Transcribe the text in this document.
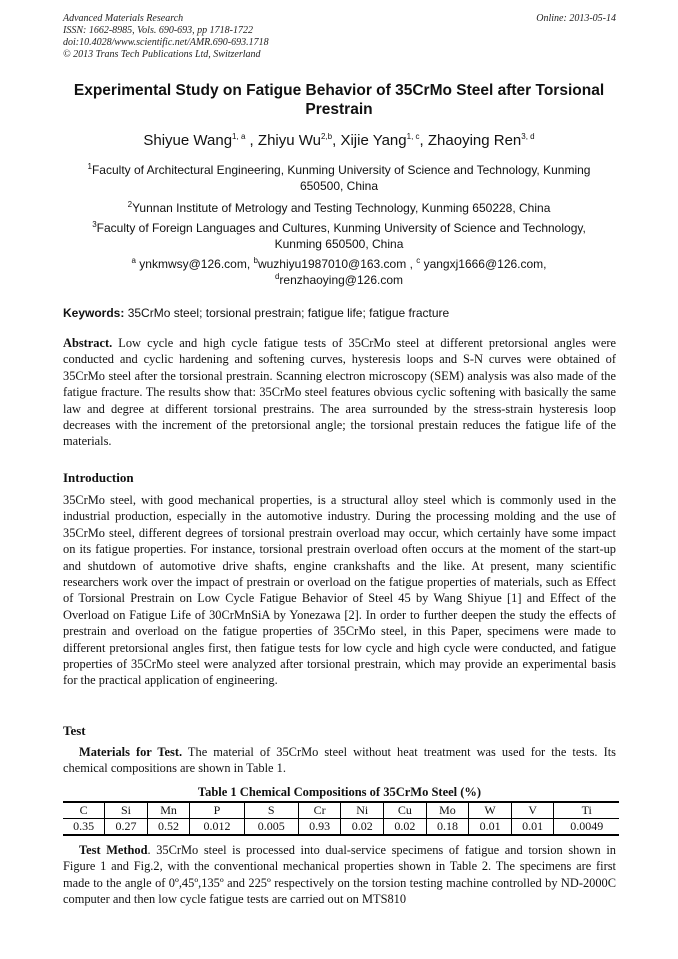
Advanced Materials Research
ISSN: 1662-8985, Vols. 690-693, pp 1718-1722
doi:10.4028/www.scientific.net/AMR.690-693.1718
© 2013 Trans Tech Publications Ltd, Switzerland
Online: 2013-05-14
Experimental Study on Fatigue Behavior of 35CrMo Steel after Torsional Prestrain
Shiyue Wang$^{1, a}$ , Zhiyu Wu$^{2,b}$, Xijie Yang$^{1, c}$, Zhaoying Ren$^{3, d}$
$^1$Faculty of Architectural Engineering, Kunming University of Science and Technology, Kunming 650500, China
$^2$Yunnan Institute of Metrology and Testing Technology, Kunming 650228, China
$^3$Faculty of Foreign Languages and Cultures, Kunming University of Science and Technology, Kunming 650500, China
$^a$ ynkmwsy@126.com, $^b$wuzhiyu1987010@163.com , $^c$ yangxj1666@126.com,
$^d$renzhaoying@126.com
Keywords: 35CrMo steel; torsional prestrain; fatigue life; fatigue fracture
Abstract. Low cycle and high cycle fatigue tests of 35CrMo steel at different pretorsional angles were conducted and cyclic hardening and softening curves, hysteresis loops and S-N curves were obtained of 35CrMo steel after the torsional prestrain. Scanning electron microscopy (SEM) analysis was also made of the fatigue fracture. The results show that: 35CrMo steel features obvious cyclic softening with basically the same law and degree at different torsional prestrains. The area surrounded by the stress-strain hysteresis loop decreases with the increment of the pretorsional angle; the torsional prestain reduces the fatigue life of the materials.
Introduction
35CrMo steel, with good mechanical properties, is a structural alloy steel which is commonly used in the industrial production, especially in the automotive industry. During the processing molding and the use of 35CrMo steel, different degrees of torsional prestrain overload may occur, which certainly have some impact on its fatigue properties. For instance, torsional prestrain overload often occurs at the moment of the start-up and shutdown of automotive drive shafts, engine crankshafts and the like. At present, many scientific researchers work over the impact of prestrain or overload on the fatigue properties of materials, such as Effect of Torsional Prestrain on Low Cycle Fatigue Behavior of Steel 45 by Wang Shiyue [1] and Effect of the Overload on Fatigue Life of 30CrMnSiA by Yonezawa [2]. In order to further deepen the study the effects of prestrain and overload on the fatigue properties of 35CrMo steel, in this Paper, specimens were made to different pretorsional angles first, then fatigue tests for low cycle and high cycle were conducted, and fatigue properties of 35CrMo steel were analyzed after torsional prestrain, which may provide an experimental basis for the practical application of engineering.
Test
Materials for Test. The material of 35CrMo steel without heat treatment was used for the tests. Its chemical compositions are shown in Table 1.
Table 1 Chemical Compositions of 35CrMo Steel (%)
C	Si	Mn	P	S	Cr	Ni	Cu	Mo	W	V	Ti
0.35	0.27	0.52	0.012	0.005	0.93	0.02	0.02	0.18	0.01	0.01	0.0049
Test Method. 35CrMo steel is processed into dual-service specimens of fatigue and torsion shown in Figure 1 and Fig.2, with the conventional mechanical properties shown in Table 2. The specimens are first made to the angle of 0º,45º,135º and 225º respectively on the torsion testing machine controlled by ND-2000C computer and then low cycle fatigue tests are carried out on MTS810
